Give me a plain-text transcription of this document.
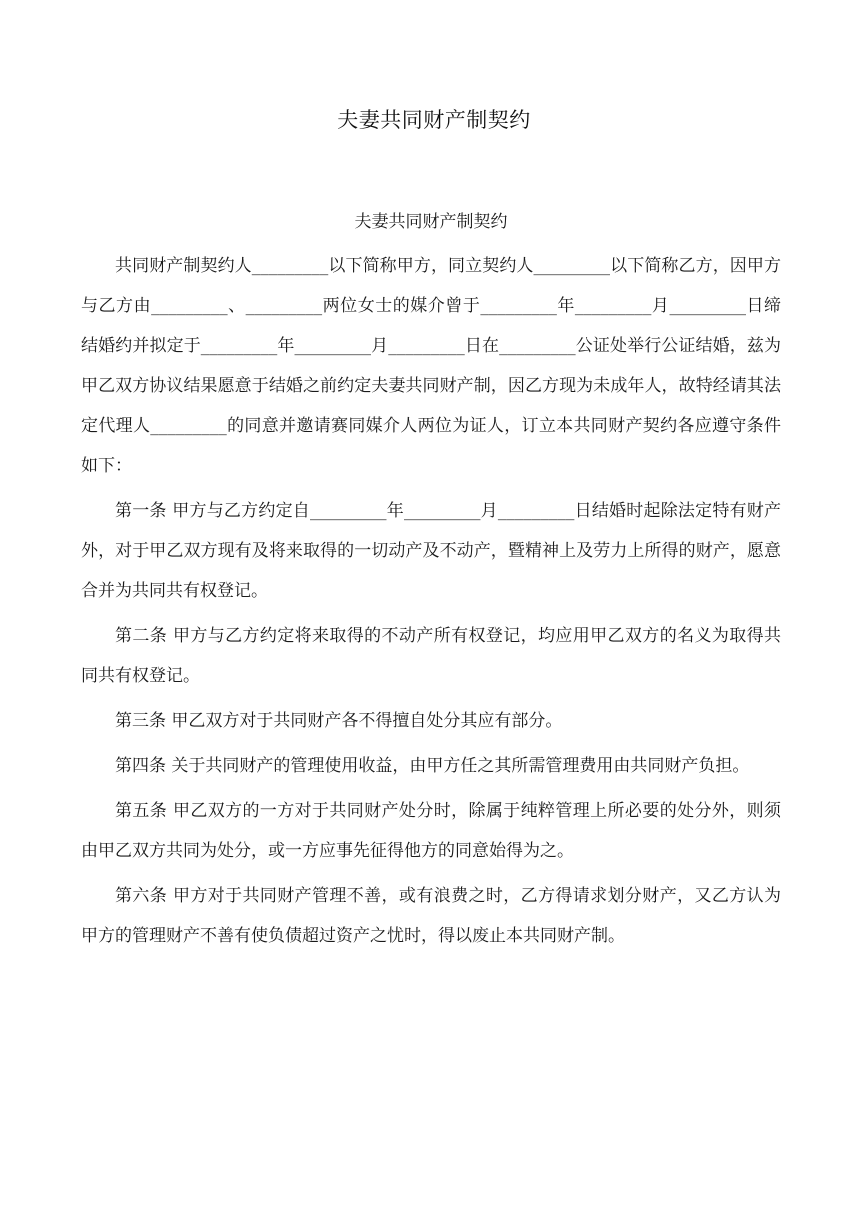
夫妻共同财产制契约
夫妻共同财产制契约

共同财产制契约人_________以下简称甲方，同立契约人_________以下简称乙方，因甲方与乙方由_________、_________两位女士的媒介曾于_________年_________月_________日缔结婚约并拟定于_________年_________月_________日在_________公证处举行公证结婚，兹为甲乙双方协议结果愿意于结婚之前约定夫妻共同财产制，因乙方现为未成年人，故特经请其法定代理人_________的同意并邀请赛同媒介人两位为证人，订立本共同财产契约各应遵守条件如下：

第一条 甲方与乙方约定自_________年_________月_________日结婚时起除法定特有财产外，对于甲乙双方现有及将来取得的一切动产及不动产，暨精神上及劳力上所得的财产，愿意合并为共同共有权登记。

第二条 甲方与乙方约定将来取得的不动产所有权登记，均应用甲乙双方的名义为取得共同共有权登记。

第三条 甲乙双方对于共同财产各不得擅自处分其应有部分。

第四条 关于共同财产的管理使用收益，由甲方任之其所需管理费用由共同财产负担。

第五条 甲乙双方的一方对于共同财产处分时，除属于纯粹管理上所必要的处分外，则须由甲乙双方共同为处分，或一方应事先征得他方的同意始得为之。

第六条 甲方对于共同财产管理不善，或有浪费之时，乙方得请求划分财产，又乙方认为甲方的管理财产不善有使负债超过资产之忧时，得以废止本共同财产制。
